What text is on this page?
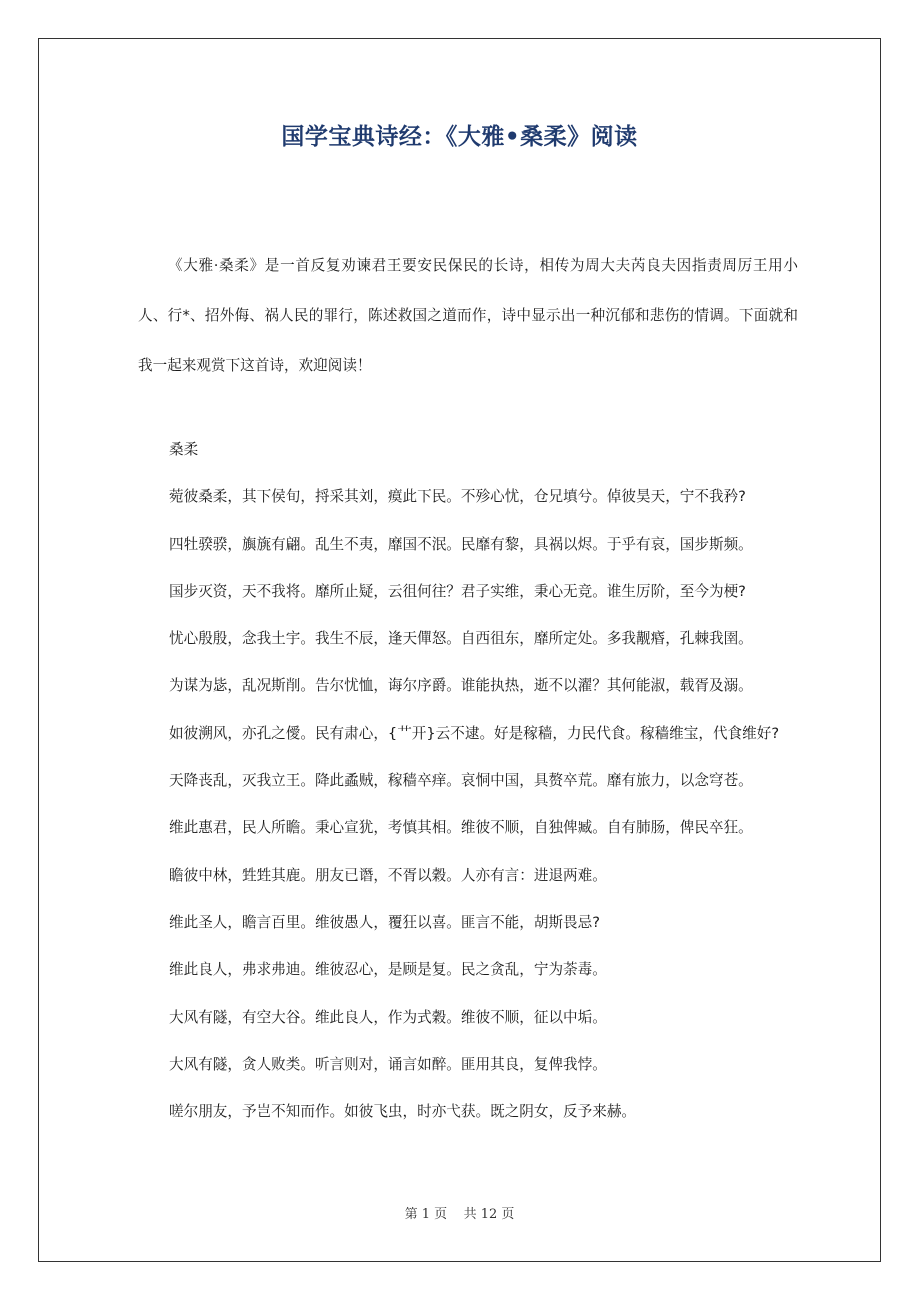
国学宝典诗经：《大雅•桑柔》阅读

《大雅·桑柔》是一首反复劝谏君王要安民保民的长诗，相传为周大夫芮良夫因指责周厉王用小人、行*、招外侮、祸人民的罪行，陈述救国之道而作，诗中显示出一种沉郁和悲伤的情调。下面就和我一起来观赏下这首诗，欢迎阅读！

桑柔

菀彼桑柔，其下侯旬，捋采其刘，瘼此下民。不殄心忧，仓兄填兮。倬彼昊天，宁不我矜?

四牡骙骙，旟旐有翩。乱生不夷，靡国不泯。民靡有黎，具祸以烬。于乎有哀，国步斯频。

国步灭资，天不我将。靡所止疑，云徂何往？君子实维，秉心无竞。谁生厉阶，至今为梗?

忧心殷殷，念我土宇。我生不辰，逢天僤怒。自西徂东，靡所定处。多我觏痻，孔棘我圉。

为谋为毖，乱况斯削。告尔忧恤，诲尔序爵。谁能执热，逝不以濯？其何能淑，载胥及溺。

如彼溯风，亦孔之僾。民有肃心，{艹开}云不逮。好是稼穑，力民代食。稼穑维宝，代食维好?

天降丧乱，灭我立王。降此蟊贼，稼穑卒痒。哀恫中国，具赘卒荒。靡有旅力，以念穹苍。

维此惠君，民人所瞻。秉心宣犹，考慎其相。维彼不顺，自独俾臧。自有肺肠，俾民卒狂。

瞻彼中林，甡甡其鹿。朋友已谮，不胥以穀。人亦有言：进退两难。

维此圣人，瞻言百里。维彼愚人，覆狂以喜。匪言不能，胡斯畏忌?

维此良人，弗求弗迪。维彼忍心，是顾是复。民之贪乱，宁为荼毒。

大风有隧，有空大谷。维此良人，作为式穀。维彼不顺，征以中垢。

大风有隧，贪人败类。听言则对，诵言如醉。匪用其良，复俾我悖。

嗟尔朋友，予岂不知而作。如彼飞虫，时亦弋获。既之阴女，反予来赫。

第 1 页    共 12 页
